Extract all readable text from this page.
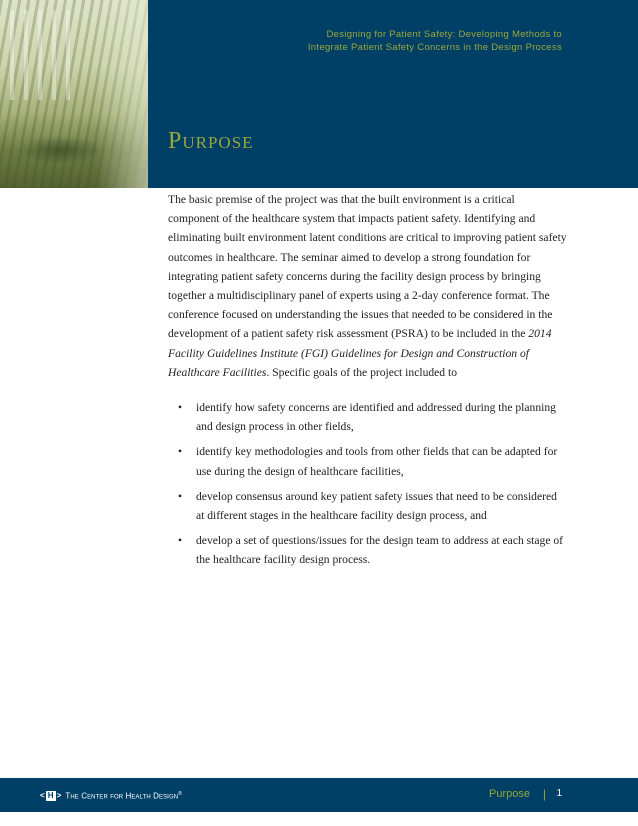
Designing for Patient Safety: Developing Methods to
Integrate Patient Safety Concerns in the Design Process
Purpose

The basic premise of the project was that the built environment is a critical component of the healthcare system that impacts patient safety. Identifying and eliminating built environment latent conditions are critical to improving patient safety outcomes in healthcare. The seminar aimed to develop a strong foundation for integrating patient safety concerns during the facility design process by bringing together a multidisciplinary panel of experts using a 2-day conference format. The conference focused on understanding the issues that needed to be considered in the development of a patient safety risk assessment (PSRA) to be included in the 2014 Facility Guidelines Institute (FGI) Guidelines for Design and Construction of Healthcare Facilities. Specific goals of the project included to

• identify how safety concerns are identified and addressed during the planning and design process in other fields,
• identify key methodologies and tools from other fields that can be adapted for use during the design of healthcare facilities,
• develop consensus around key patient safety issues that need to be considered at different stages in the healthcare facility design process, and
• develop a set of questions/issues for the design team to address at each stage of the healthcare facility design process.
< H > The Center for Health Design®	Purpose | 1
